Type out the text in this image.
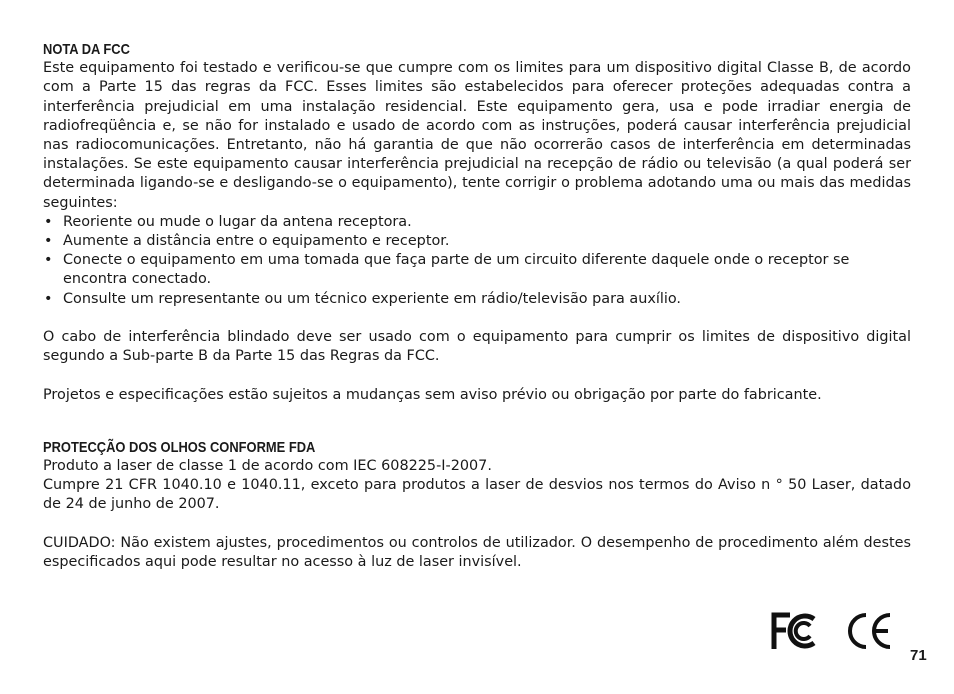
NOTA DA FCC

Este equipamento foi testado e verificou-se que cumpre com os limites para um dispositivo digital Classe B, de acordo com a Parte 15 das regras da FCC. Esses limites são estabelecidos para oferecer proteções adequadas contra a interferência prejudicial em uma instalação residencial. Este equipamento gera, usa e pode irradiar energia de radiofreqüência e, se não for instalado e usado de acordo com as instruções, poderá causar interferência prejudicial nas radiocomunicações. Entretanto, não há garantia de que não ocorrerão casos de interferência em determinadas instalações. Se este equipamento causar interferência prejudicial na recepção de rádio ou televisão (a qual poderá ser determinada ligando-se e desligando-se o equipamento), tente corrigir o problema adotando uma ou mais das medidas seguintes:

• Reoriente ou mude o lugar da antena receptora.
• Aumente a distância entre o equipamento e receptor.
• Conecte o equipamento em uma tomada que faça parte de um circuito diferente daquele onde o receptor se encontra conectado.
• Consulte um representante ou um técnico experiente em rádio/televisão para auxílio.

O cabo de interferência blindado deve ser usado com o equipamento para cumprir os limites de dispositivo digital segundo a Sub-parte B da Parte 15 das Regras da FCC.

Projetos e especificações estão sujeitos a mudanças sem aviso prévio ou obrigação por parte do fabricante.

PROTECÇÃO DOS OLHOS CONFORME FDA

Produto a laser de classe 1 de acordo com IEC 608225-I-2007.

Cumpre 21 CFR 1040.10 e 1040.11, exceto para produtos a laser de desvios nos termos do Aviso n ° 50 Laser, datado de 24 de junho de 2007.

CUIDADO: Não existem ajustes, procedimentos ou controlos de utilizador. O desempenho de procedimento além destes especificados aqui pode resultar no acesso à luz de laser invisível.

71
